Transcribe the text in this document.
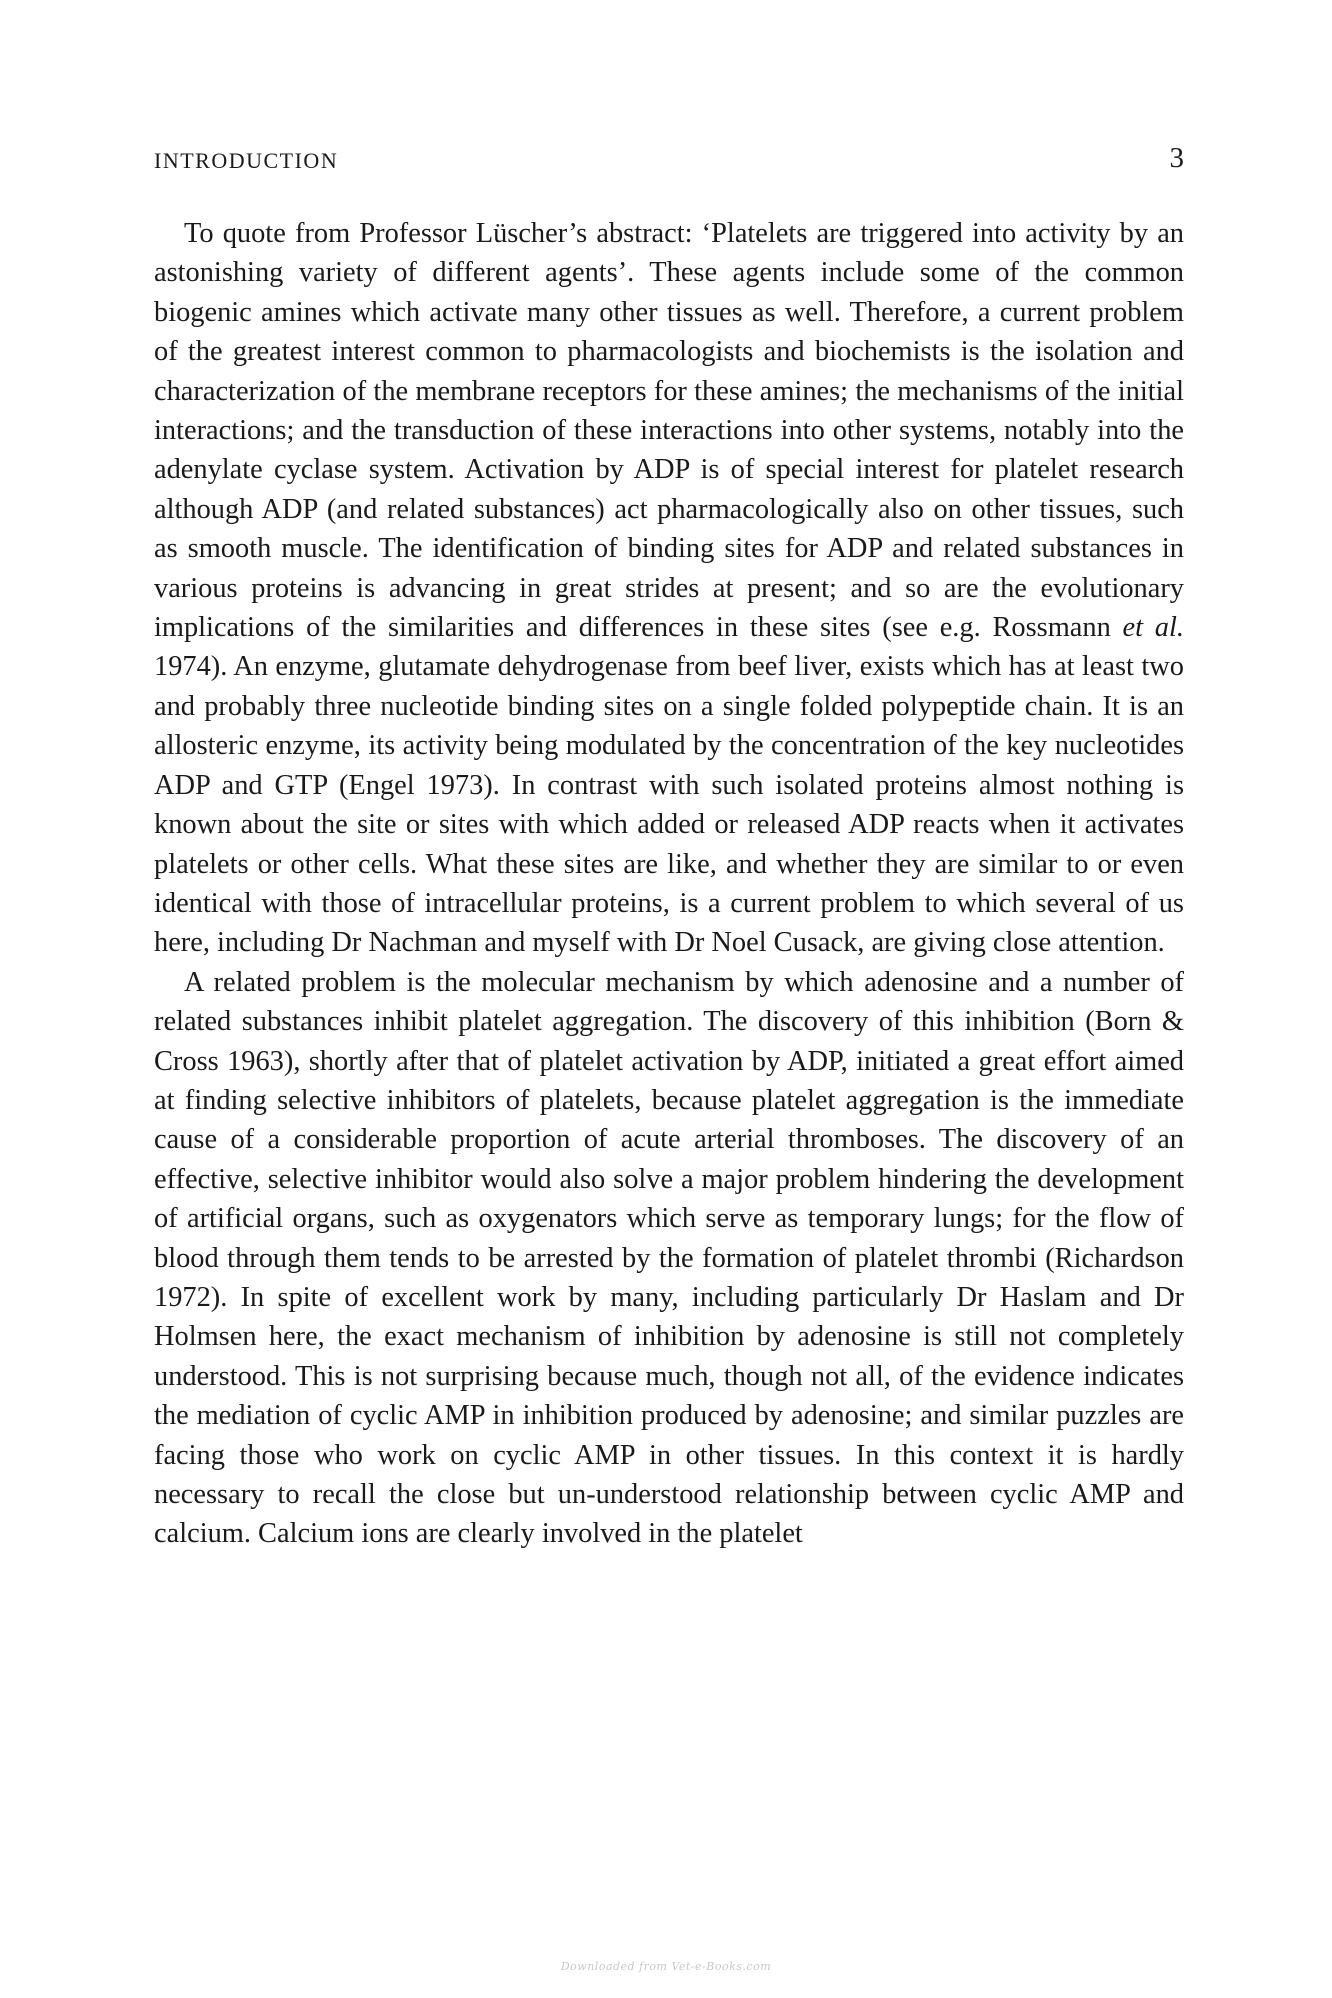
INTRODUCTION	3

To quote from Professor Lüscher’s abstract: ‘Platelets are triggered into activity by an astonishing variety of different agents’. These agents include some of the common biogenic amines which activate many other tissues as well. Therefore, a current problem of the greatest interest common to pharmacologists and biochemists is the isolation and characterization of the membrane receptors for these amines; the mechanisms of the initial interactions; and the transduction of these interactions into other systems, notably into the adenylate cyclase system. Activation by ADP is of special interest for platelet research although ADP (and related substances) act pharmacologically also on other tissues, such as smooth muscle. The identification of binding sites for ADP and related substances in various proteins is advancing in great strides at present; and so are the evolutionary implications of the similarities and differences in these sites (see e.g. Rossmann et al. 1974). An enzyme, glutamate dehydrogenase from beef liver, exists which has at least two and probably three nucleotide binding sites on a single folded polypeptide chain. It is an allosteric enzyme, its activity being modulated by the concentration of the key nucleotides ADP and GTP (Engel 1973). In contrast with such isolated proteins almost nothing is known about the site or sites with which added or released ADP reacts when it activates platelets or other cells. What these sites are like, and whether they are similar to or even identical with those of intracellular proteins, is a current problem to which several of us here, including Dr Nachman and myself with Dr Noel Cusack, are giving close attention.

A related problem is the molecular mechanism by which adenosine and a number of related substances inhibit platelet aggregation. The discovery of this inhibition (Born & Cross 1963), shortly after that of platelet activation by ADP, initiated a great effort aimed at finding selective inhibitors of platelets, because platelet aggregation is the immediate cause of a considerable proportion of acute arterial thromboses. The discovery of an effective, selective inhibitor would also solve a major problem hindering the development of artificial organs, such as oxygenators which serve as temporary lungs; for the flow of blood through them tends to be arrested by the formation of platelet thrombi (Richardson 1972). In spite of excellent work by many, including particularly Dr Haslam and Dr Holmsen here, the exact mechanism of inhibition by adenosine is still not completely understood. This is not surprising because much, though not all, of the evidence indicates the mediation of cyclic AMP in inhibition produced by adenosine; and similar puzzles are facing those who work on cyclic AMP in other tissues. In this context it is hardly necessary to recall the close but un-understood relationship between cyclic AMP and calcium. Calcium ions are clearly involved in the platelet

Downloaded from Vet-e-Books.com
